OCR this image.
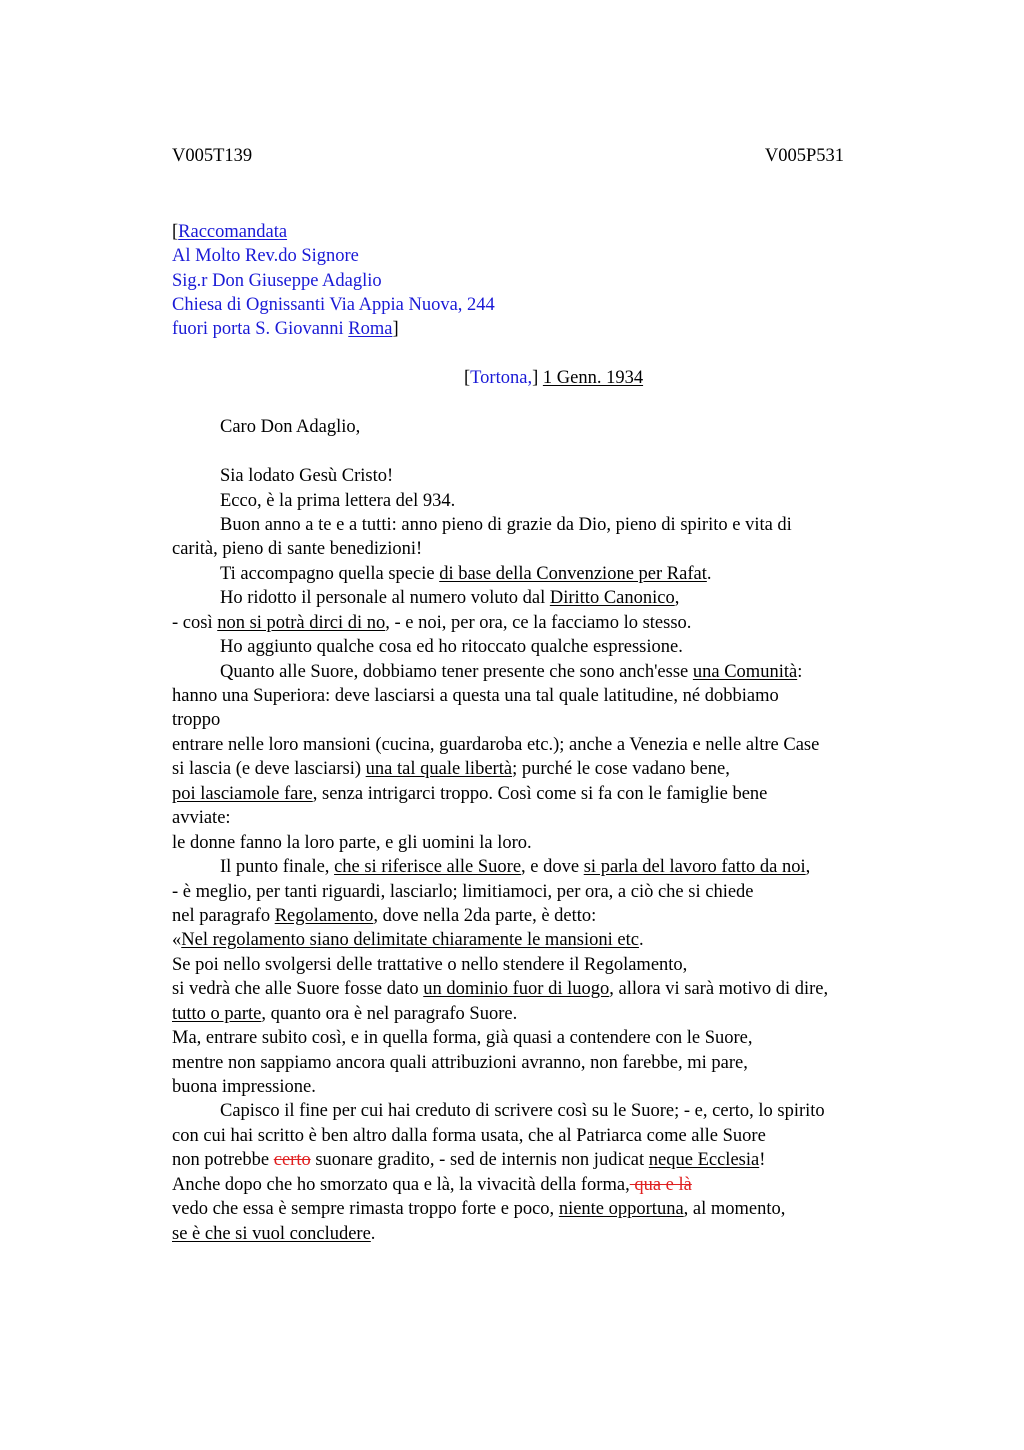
V005T139	V005P531
[Raccomandata
Al Molto Rev.do Signore
Sig.r Don Giuseppe Adaglio
Chiesa di Ognissanti Via Appia Nuova, 244
fuori porta S. Giovanni Roma]
[Tortona,] 1 Genn. 1934
Caro Don Adaglio,
Sia lodato Gesù Cristo!
Ecco, è la prima lettera del 934.
Buon anno a te e a tutti: anno pieno di grazie da Dio, pieno di spirito e vita di
carità, pieno di sante benedizioni!
Ti accompagno quella specie di base della Convenzione per Rafat.
Ho ridotto il personale al numero voluto dal Diritto Canonico,
- così non si potrà dirci di no, - e noi, per ora, ce la facciamo lo stesso.
Ho aggiunto qualche cosa ed ho ritoccato qualche espressione.
Quanto alle Suore, dobbiamo tener presente che sono anch'esse una Comunità:
hanno una Superiora: deve lasciarsi a questa una tal quale latitudine, né dobbiamo
troppo
entrare nelle loro mansioni (cucina, guardaroba etc.); anche a Venezia e nelle altre Case
si lascia (e deve lasciarsi) una tal quale libertà; purché le cose vadano bene,
poi lasciamole fare, senza intrigarci troppo. Così come si fa con le famiglie bene
avviate:
le donne fanno la loro parte, e gli uomini la loro.
Il punto finale, che si riferisce alle Suore, e dove si parla del lavoro fatto da noi,
- è meglio, per tanti riguardi, lasciarlo; limitiamoci, per ora, a ciò che si chiede
nel paragrafo Regolamento, dove nella 2da parte, è detto:
«Nel regolamento siano delimitate chiaramente le mansioni etc.
Se poi nello svolgersi delle trattative o nello stendere il Regolamento,
si vedrà che alle Suore fosse dato un dominio fuor di luogo, allora vi sarà motivo di dire,
tutto o parte, quanto ora è nel paragrafo Suore.
Ma, entrare subito così, e in quella forma, già quasi a contendere con le Suore,
mentre non sappiamo ancora quali attribuzioni avranno, non farebbe, mi pare,
buona impressione.
Capisco il fine per cui hai creduto di scrivere così su le Suore; - e, certo, lo spirito
con cui hai scritto è ben altro dalla forma usata, che al Patriarca come alle Suore
non potrebbe certo suonare gradito, - sed de internis non judicat neque Ecclesia!
Anche dopo che ho smorzato qua e là, la vivacità della forma, qua e là
vedo che essa è sempre rimasta troppo forte e poco, niente opportuna, al momento,
se è che si vuol concludere.
